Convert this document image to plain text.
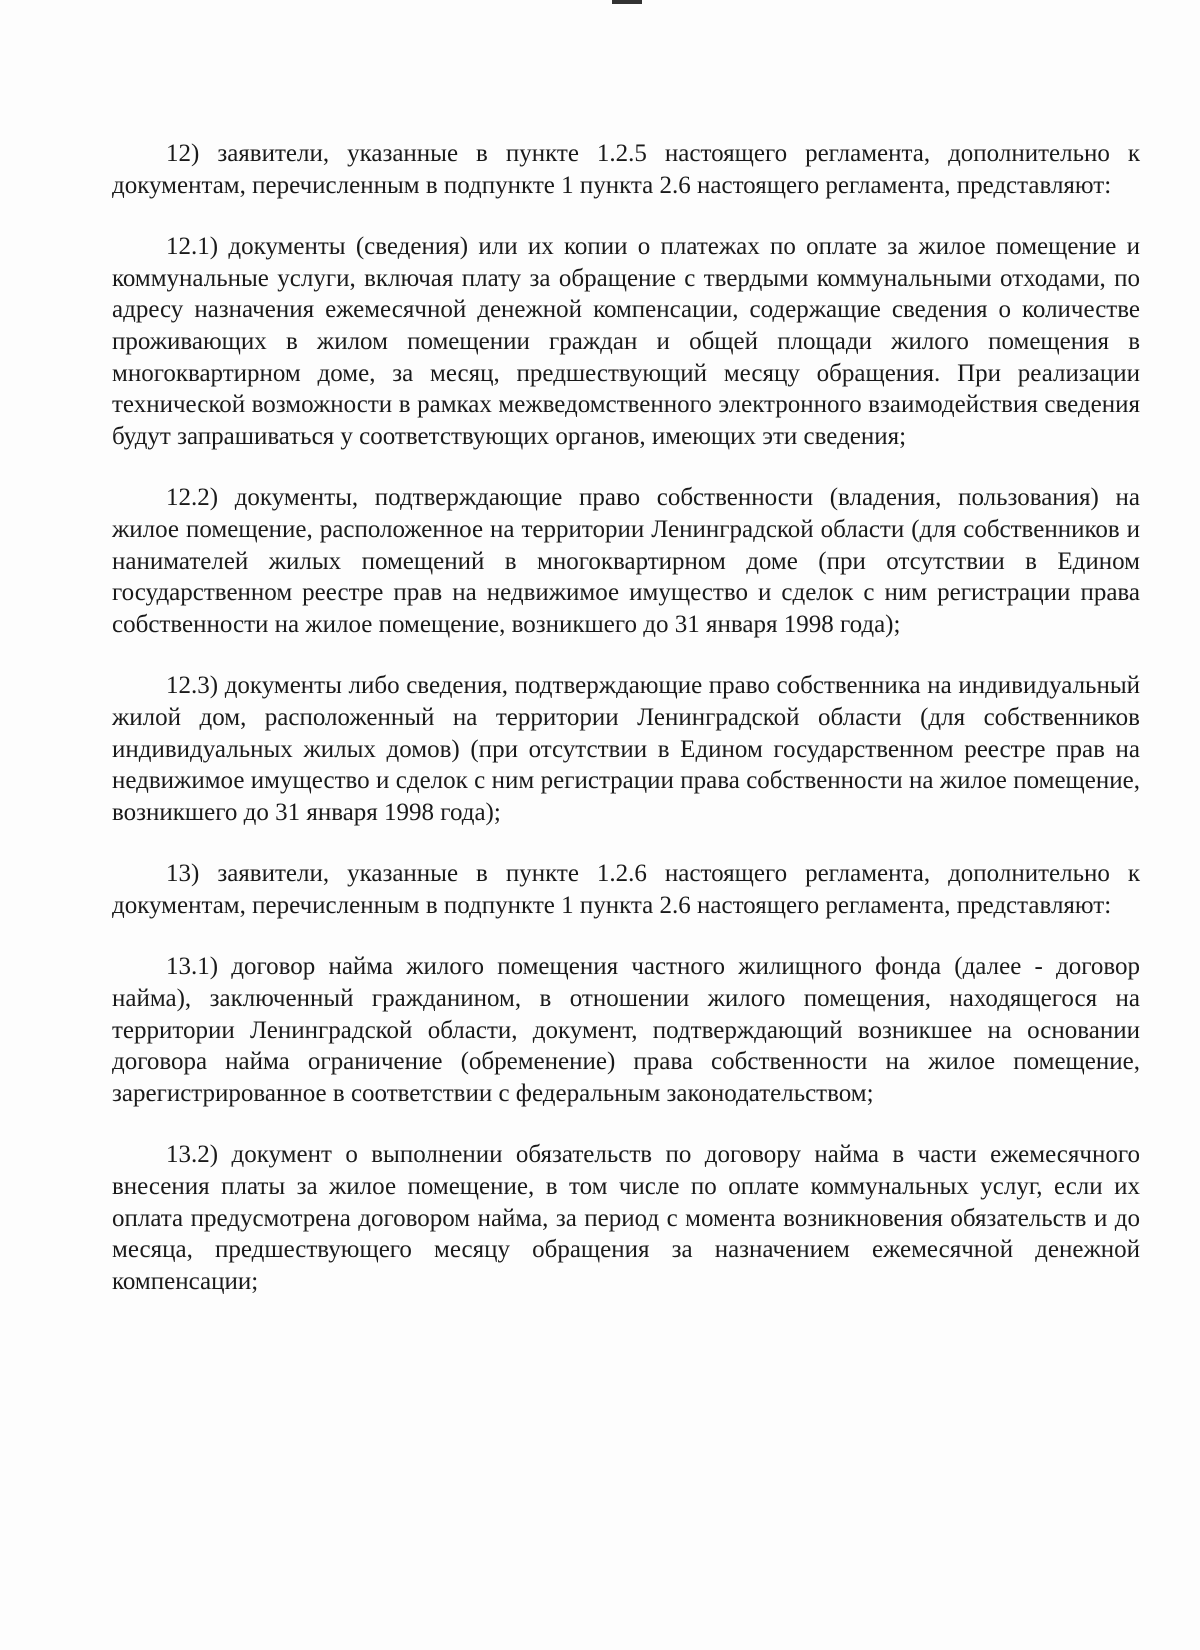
12) заявители, указанные в пункте 1.2.5 настоящего регламента, дополнительно к документам, перечисленным в подпункте 1 пункта 2.6 настоящего регламента, представляют:

12.1) документы (сведения) или их копии о платежах по оплате за жилое помещение и коммунальные услуги, включая плату за обращение с твердыми коммунальными отходами, по адресу назначения ежемесячной денежной компенсации, содержащие сведения о количестве проживающих в жилом помещении граждан и общей площади жилого помещения в многоквартирном доме, за месяц, предшествующий месяцу обращения. При реализации технической возможности в рамках межведомственного электронного взаимодействия сведения будут запрашиваться у соответствующих органов, имеющих эти сведения;

12.2) документы, подтверждающие право собственности (владения, пользования) на жилое помещение, расположенное на территории Ленинградской области (для собственников и нанимателей жилых помещений в многоквартирном доме (при отсутствии в Едином государственном реестре прав на недвижимое имущество и сделок с ним регистрации права собственности на жилое помещение, возникшего до 31 января 1998 года);

12.3) документы либо сведения, подтверждающие право собственника на индивидуальный жилой дом, расположенный на территории Ленинградской области (для собственников индивидуальных жилых домов) (при отсутствии в Едином государственном реестре прав на недвижимое имущество и сделок с ним регистрации права собственности на жилое помещение, возникшего до 31 января 1998 года);

13) заявители, указанные в пункте 1.2.6 настоящего регламента, дополнительно к документам, перечисленным в подпункте 1 пункта 2.6 настоящего регламента, представляют:

13.1) договор найма жилого помещения частного жилищного фонда (далее - договор найма), заключенный гражданином, в отношении жилого помещения, находящегося на территории Ленинградской области, документ, подтверждающий возникшее на основании договора найма ограничение (обременение) права собственности на жилое помещение, зарегистрированное в соответствии с федеральным законодательством;

13.2) документ о выполнении обязательств по договору найма в части ежемесячного внесения платы за жилое помещение, в том числе по оплате коммунальных услуг, если их оплата предусмотрена договором найма, за период с момента возникновения обязательств и до месяца, предшествующего месяцу обращения за назначением ежемесячной денежной компенсации;
